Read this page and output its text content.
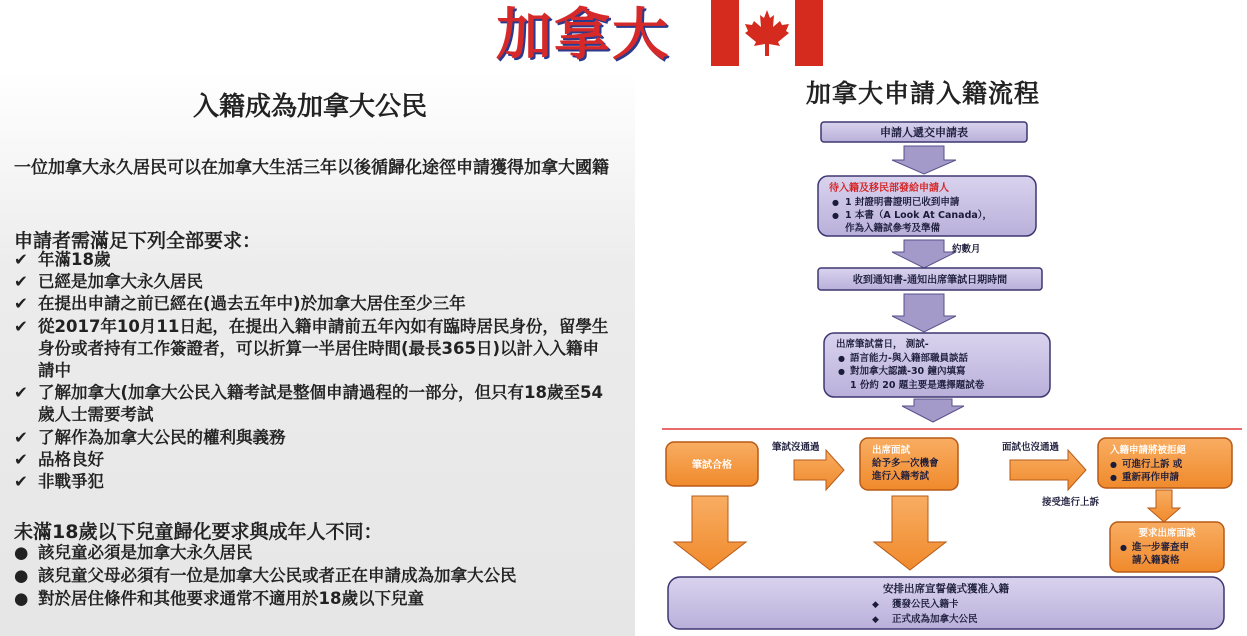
加拿大
入籍成為加拿大公民
一位加拿大永久居民可以在加拿大生活三年以後循歸化途徑申請獲得加拿大國籍
申請者需滿足下列全部要求：
✔ 年滿18歲
✔ 已經是加拿大永久居民
✔ 在提出申請之前已經在(過去五年中)於加拿大居住至少三年
✔ 從2017年10月11日起，在提出入籍申請前五年內如有臨時居民身份，留學生身份或者持有工作簽證者，可以折算一半居住時間(最長365日)以計入入籍申請中
✔ 了解加拿大(加拿大公民入籍考試是整個申請過程的一部分，但只有18歲至54歲人士需要考試
✔ 了解作為加拿大公民的權利與義務
✔ 品格良好
✔ 非戰爭犯
未滿18歲以下兒童歸化要求與成年人不同：
● 該兒童必須是加拿大永久居民
● 該兒童父母必須有一位是加拿大公民或者正在申請成為加拿大公民
● 對於居住條件和其他要求通常不適用於18歲以下兒童
加拿大申請入籍流程
申請人遞交申請表
待入籍及移民部發給申請人
● 1 封證明書證明已收到申請
● 1 本書（A Look At Canada），
作為入籍試參考及準備
約數月
收到通知書-通知出席筆試日期時間
出席筆試當日， 測試-
● 語言能力-與入籍部職員談話
● 對加拿大認識-30 鐘內填寫
1 份約 20 題主要是選擇題試卷
筆試合格
筆試沒通過	出席面試
給予多一次機會
進行入籍考試
面試也沒通過	入籍申請將被拒絕
● 可進行上訴 或
● 重新再作申請
接受進行上訴
要求出席面談
● 進一步審查申
請入籍資格
安排出席宣誓儀式獲准入籍
◆ 獲發公民入籍卡
◆ 正式成為加拿大公民
